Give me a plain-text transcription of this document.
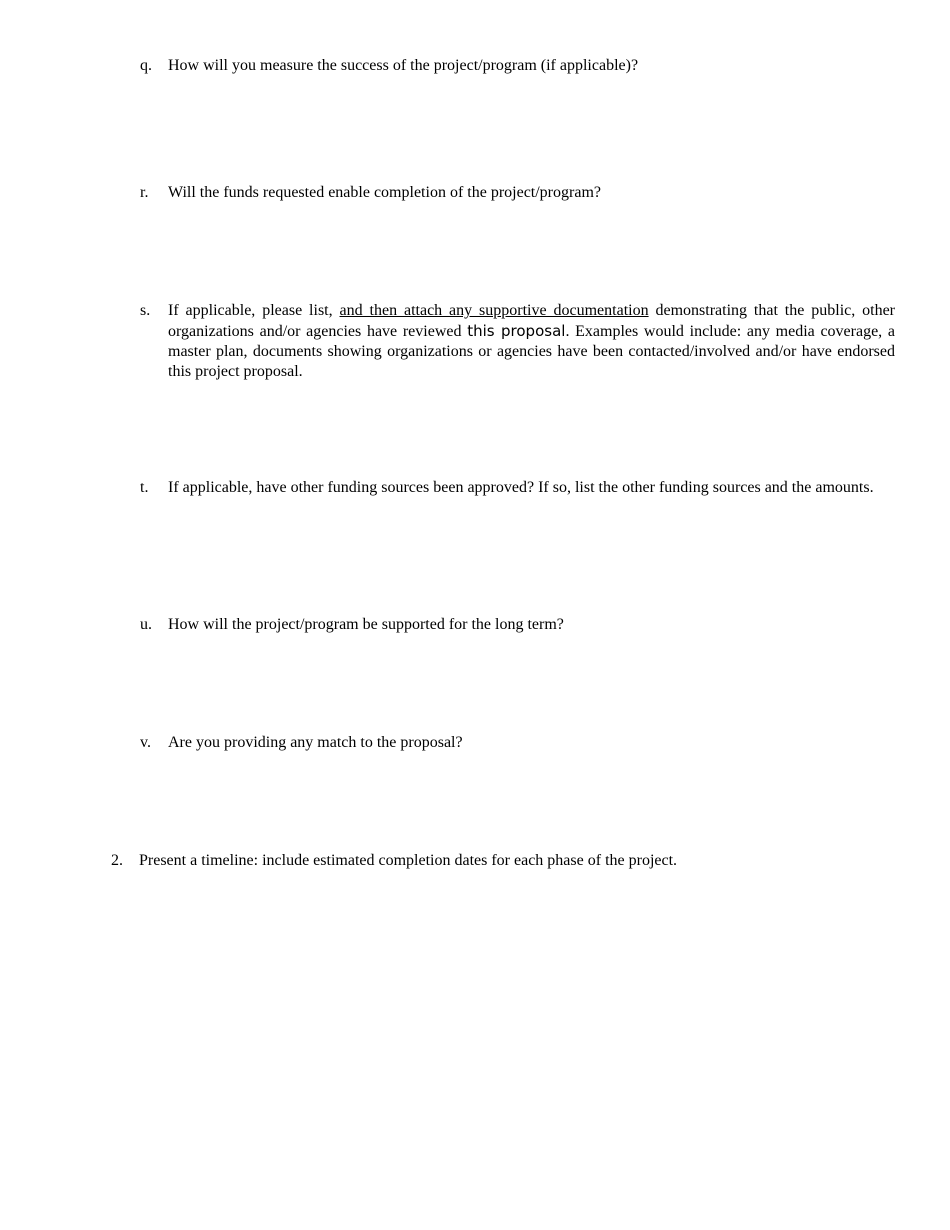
q. How will you measure the success of the project/program (if applicable)?
r. Will the funds requested enable completion of the project/program?
s. If applicable, please list, and then attach any supportive documentation demonstrating that the public, other organizations and/or agencies have reviewed this proposal. Examples would include: any media coverage, a master plan, documents showing organizations or agencies have been contacted/involved and/or have endorsed this project proposal.
t. If applicable, have other funding sources been approved? If so, list the other funding sources and the amounts.
u. How will the project/program be supported for the long term?
v. Are you providing any match to the proposal?
2. Present a timeline: include estimated completion dates for each phase of the project.
